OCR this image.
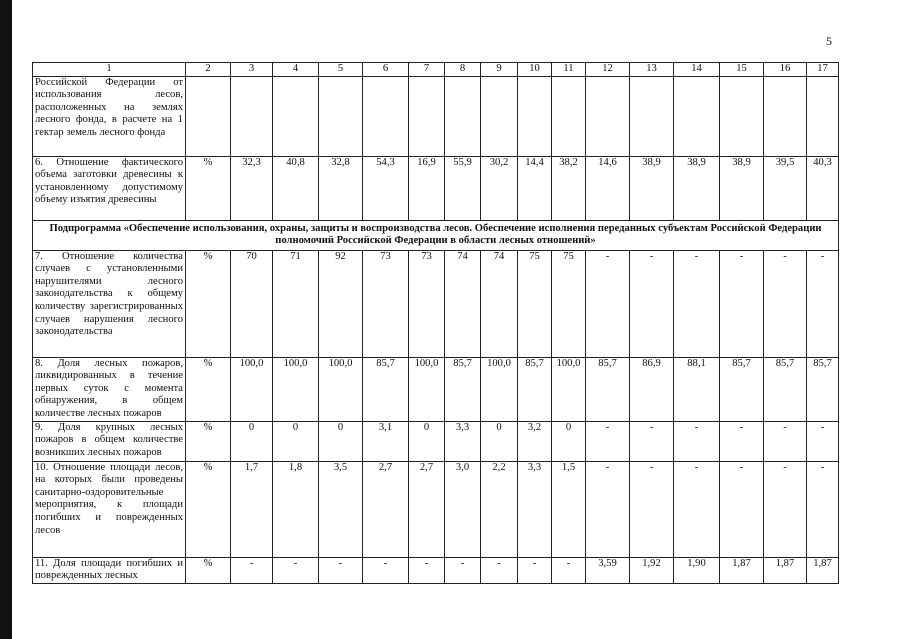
5
1	2	3	4	5	6	7	8	9	10	11	12	13	14	15	16	17
Российской Федерации от использования лесов, расположенных на землях лесного фонда, в расчете на 1 гектар земель лесного фонда																
6. Отношение фактического объема заготовки древесины к установленному допустимому объему изъятия древесины	%	32,3	40,8	32,8	54,3	16,9	55,9	30,2	14,4	38,2	14,6	38,9	38,9	38,9	39,5	40,3
Подпрограмма «Обеспечение использования, охраны, защиты и воспроизводства лесов. Обеспечение исполнения переданных субъектам Российской Федерации полномочий Российской Федерации в области лесных отношений»																
7. Отношение количества случаев с установленными нарушителями лесного законодательства к общему количеству зарегистрированных случаев нарушения лесного законодательства	%	70	71	92	73	73	74	74	75	75	-	-	-	-	-	-
8. Доля лесных пожаров, ликвидированных в течение первых суток с момента обнаружения, в общем количестве лесных пожаров	%	100,0	100,0	100,0	85,7	100,0	85,7	100,0	85,7	100,0	85,7	86,9	88,1	85,7	85,7	85,7
9. Доля крупных лесных пожаров в общем количестве возникших лесных пожаров	%	0	0	0	3,1	0	3,3	0	3,2	0	-	-	-	-	-	-
10. Отношение площади лесов, на которых были проведены санитарно-оздоровительные мероприятия, к площади погибших и поврежденных лесов	%	1,7	1,8	3,5	2,7	2,7	3,0	2,2	3,3	1,5	-	-	-	-	-	-
11. Доля площади погибших и поврежденных лесных	%	-	-	-	-	-	-	-	-	-	3,59	1,92	1,90	1,87	1,87	1,87
